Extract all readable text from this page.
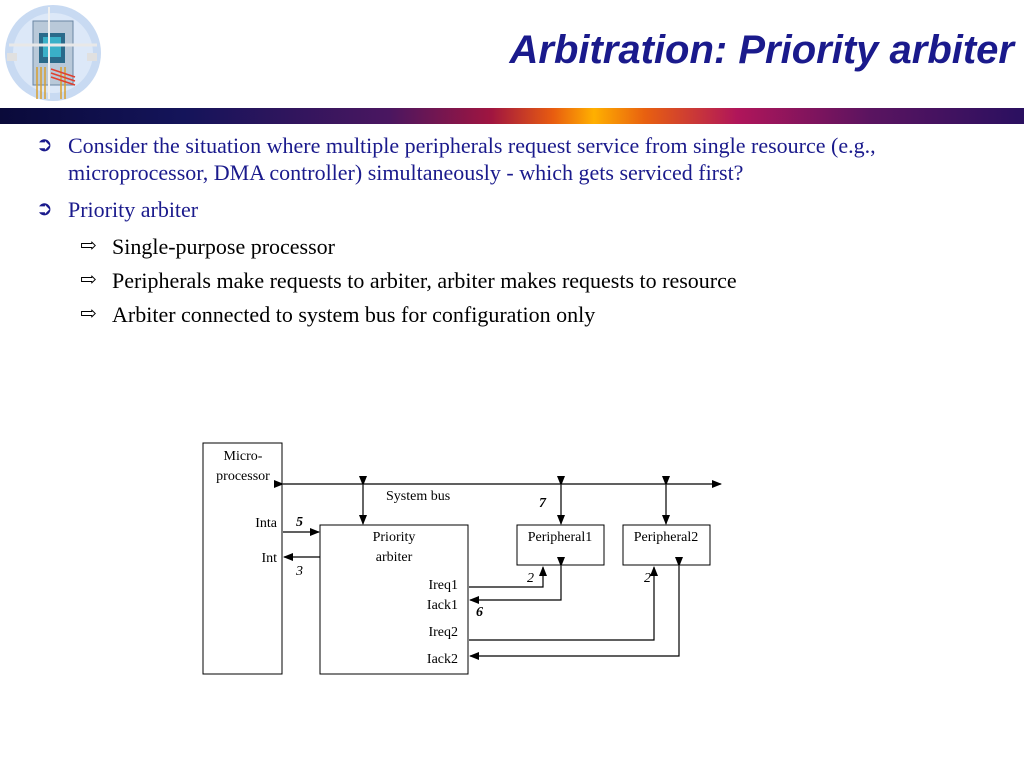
Arbitration: Priority arbiter
➲ Consider the situation where multiple peripherals request service from single resource (e.g., microprocessor, DMA controller) simultaneously - which gets serviced first?
➲ Priority arbiter
⇨ Single-purpose processor
⇨ Peripherals make requests to arbiter, arbiter makes requests to resource
⇨ Arbiter connected to system bus for configuration only
Micro-
processor
Inta
Int
System bus
Priority
arbiter
Ireq1
Iack1
Ireq2
Iack2
Peripheral1	Peripheral2
5
3
6
7
2	2
